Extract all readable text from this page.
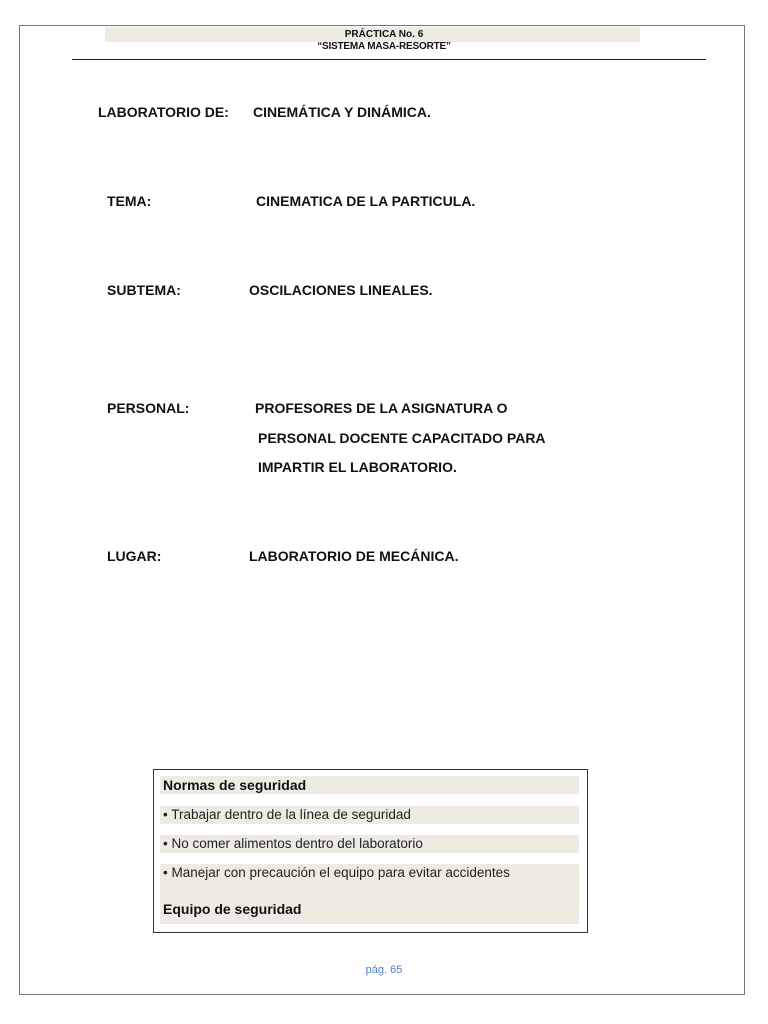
PRÁCTICA No. 6
“SISTEMA MASA-RESORTE”
LABORATORIO DE: CINEMÁTICA Y DINÁMICA.
TEMA:	CINEMATICA DE LA PARTICULA.
SUBTEMA:	OSCILACIONES LINEALES.
PERSONAL:	PROFESORES DE LA ASIGNATURA O
PERSONAL DOCENTE CAPACITADO PARA
IMPARTIR EL LABORATORIO.
LUGAR:	LABORATORIO DE MECÁNICA.
Normas de seguridad
• Trabajar dentro de la línea de seguridad
• No comer alimentos dentro del laboratorio
• Manejar con precaución el equipo para evitar accidentes
Equipo de seguridad
pág. 65
